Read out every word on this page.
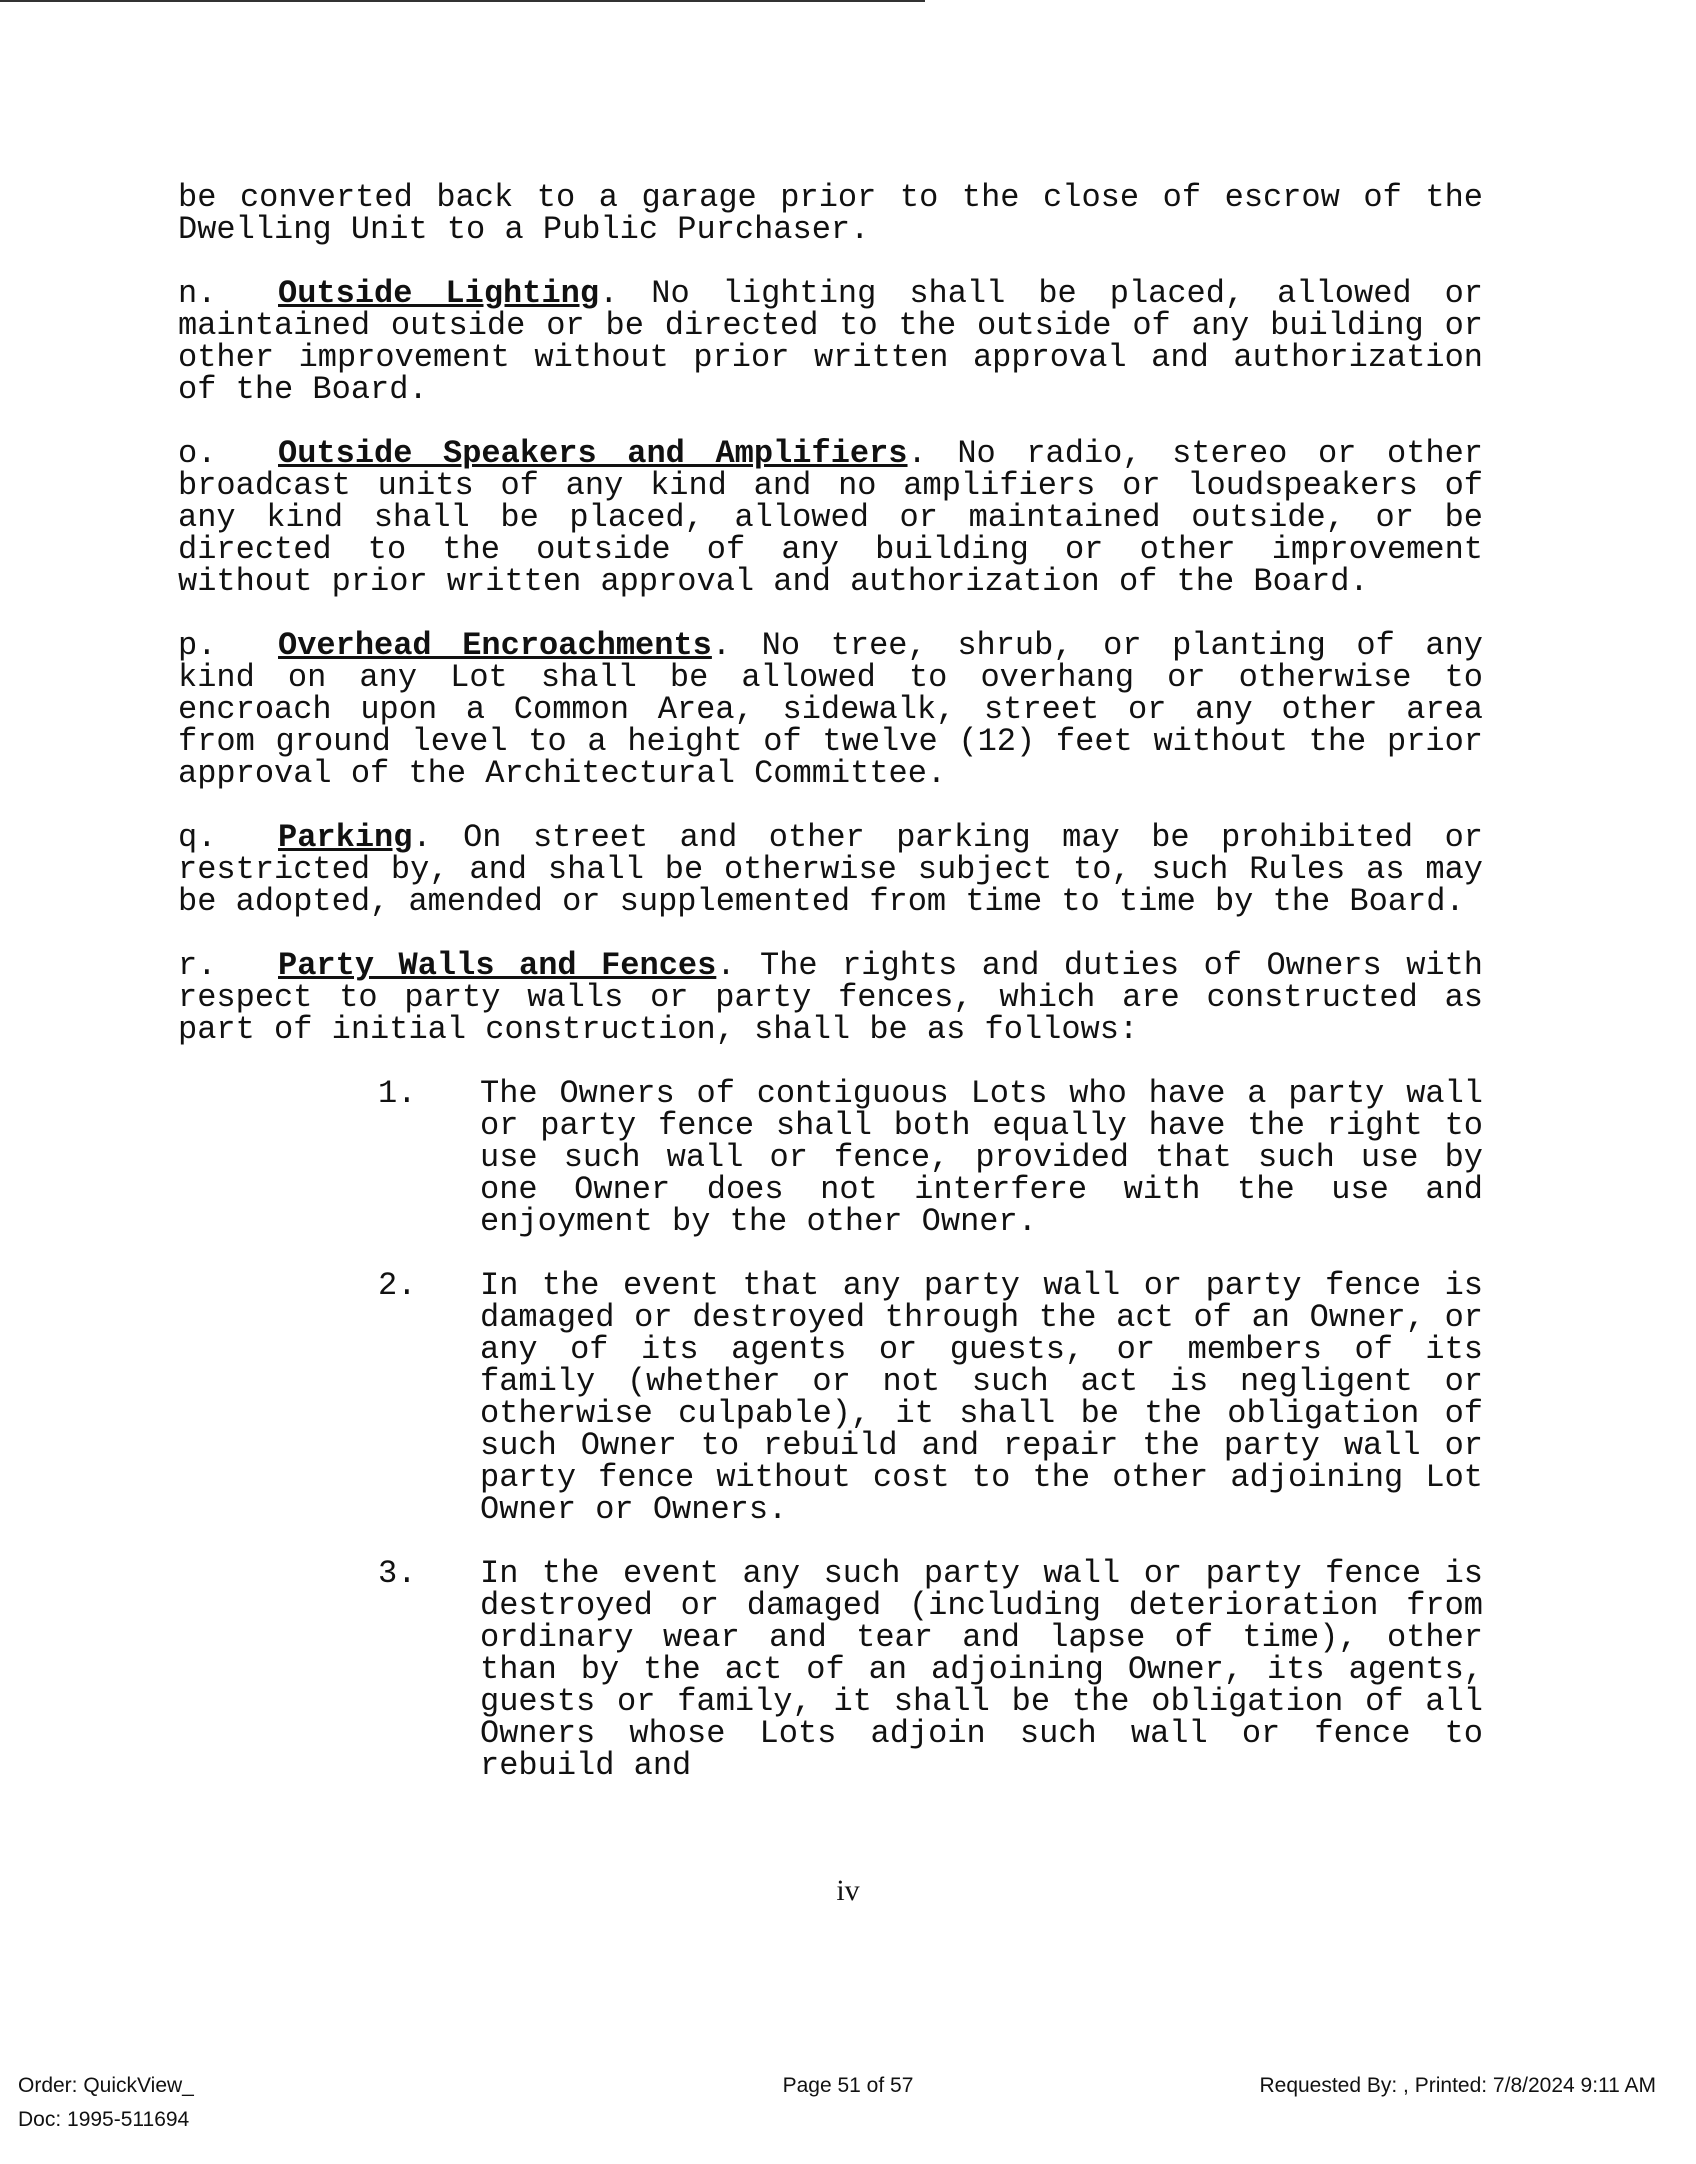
be converted back to a garage prior to the close of escrow of the Dwelling Unit to a Public Purchaser.

n. Outside Lighting. No lighting shall be placed, allowed or maintained outside or be directed to the outside of any building or other improvement without prior written approval and authorization of the Board.

o. Outside Speakers and Amplifiers. No radio, stereo or other broadcast units of any kind and no amplifiers or loudspeakers of any kind shall be placed, allowed or maintained outside, or be directed to the outside of any building or other improvement without prior written approval and authorization of the Board.

p. Overhead Encroachments. No tree, shrub, or planting of any kind on any Lot shall be allowed to overhang or otherwise to encroach upon a Common Area, sidewalk, street or any other area from ground level to a height of twelve (12) feet without the prior approval of the Architectural Committee.

q. Parking. On street and other parking may be prohibited or restricted by, and shall be otherwise subject to, such Rules as may be adopted, amended or supplemented from time to time by the Board.

r. Party Walls and Fences. The rights and duties of Owners with respect to party walls or party fences, which are constructed as part of initial construction, shall be as follows:

1.	The Owners of contiguous Lots who have a party wall or party fence shall both equally have the right to use such wall or fence, provided that such use by one Owner does not interfere with the use and enjoyment by the other Owner.
2.	In the event that any party wall or party fence is damaged or destroyed through the act of an Owner, or any of its agents or guests, or members of its family (whether or not such act is negligent or otherwise culpable), it shall be the obligation of such Owner to rebuild and repair the party wall or party fence without cost to the other adjoining Lot Owner or Owners.
3.	In the event any such party wall or party fence is destroyed or damaged (including deterioration from ordinary wear and tear and lapse of time), other than by the act of an adjoining Owner, its agents, guests or family, it shall be the obligation of all Owners whose Lots adjoin such wall or fence to rebuild and
iv
Order: QuickView_
Doc: 1995-511694
Page 51 of 57	Requested By: , Printed: 7/8/2024 9:11 AM
